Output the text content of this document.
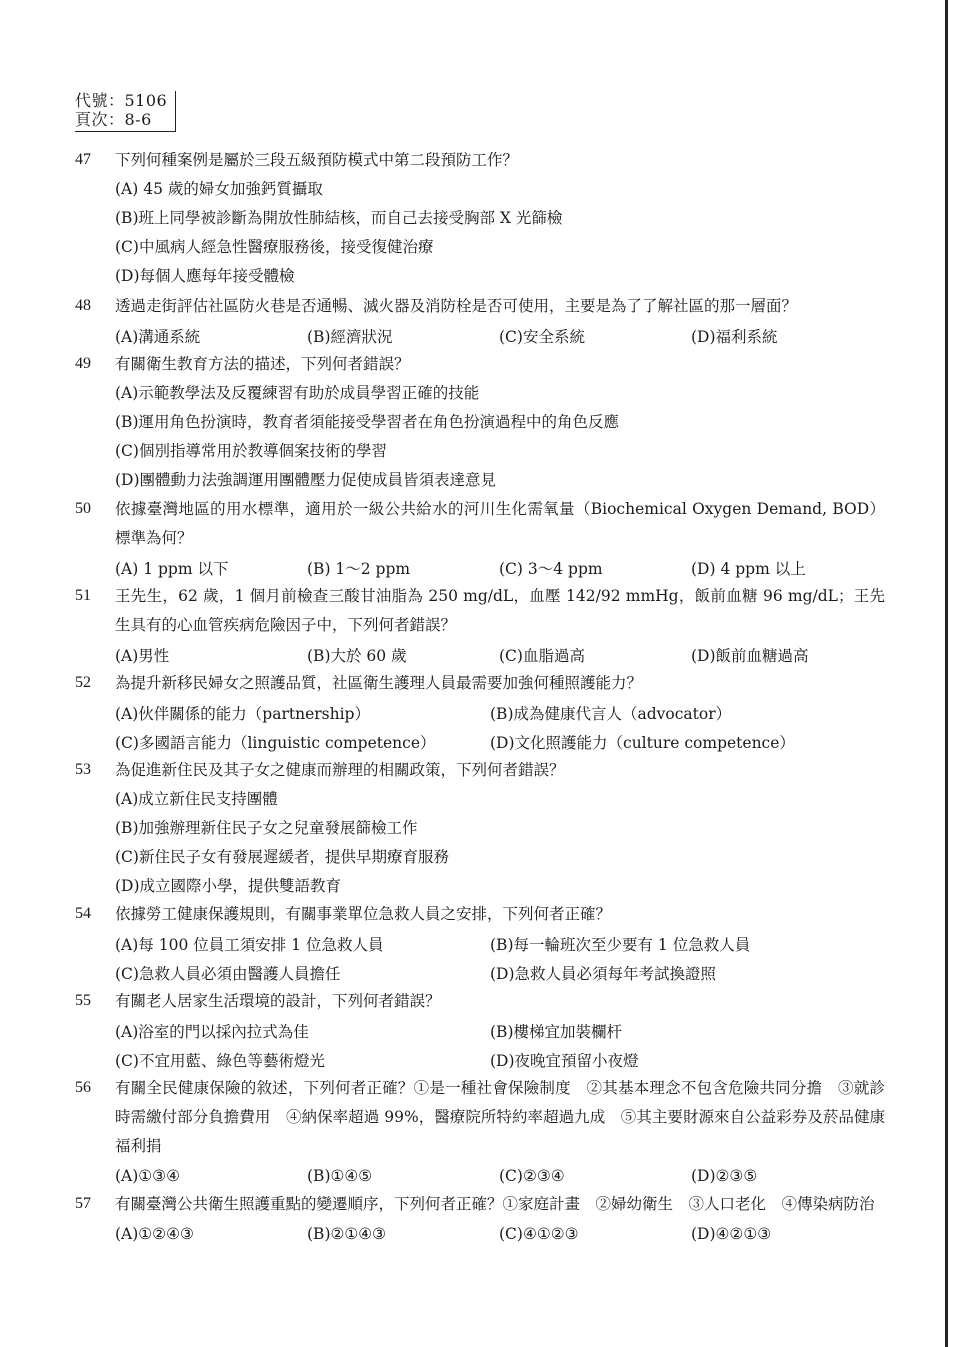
代號：5106
頁次：8-6
47	下列何種案例是屬於三段五級預防模式中第二段預防工作？
(A) 45 歲的婦女加強鈣質攝取
(B)班上同學被診斷為開放性肺結核，而自己去接受胸部 X 光篩檢
(C)中風病人經急性醫療服務後，接受復健治療
(D)每個人應每年接受體檢
48	透過走街評估社區防火巷是否通暢、滅火器及消防栓是否可使用，主要是為了了解社區的那一層面？
(A)溝通系統	(B)經濟狀況	(C)安全系統	(D)福利系統
49	有關衛生教育方法的描述，下列何者錯誤？
(A)示範教學法及反覆練習有助於成員學習正確的技能
(B)運用角色扮演時，教育者須能接受學習者在角色扮演過程中的角色反應
(C)個別指導常用於教導個案技術的學習
(D)團體動力法強調運用團體壓力促使成員皆須表達意見
50	依據臺灣地區的用水標準，適用於一級公共給水的河川生化需氧量（Biochemical Oxygen Demand, BOD）標準為何？
(A) 1 ppm 以下	(B) 1～2 ppm	(C) 3～4 ppm	(D) 4 ppm 以上
51	王先生，62 歲，1 個月前檢查三酸甘油脂為 250 mg/dL，血壓 142/92 mmHg，飯前血糖 96 mg/dL；王先生具有的心血管疾病危險因子中，下列何者錯誤？
(A)男性	(B)大於 60 歲	(C)血脂過高	(D)飯前血糖過高
52	為提升新移民婦女之照護品質，社區衛生護理人員最需要加強何種照護能力？
(A)伙伴關係的能力（partnership）	(B)成為健康代言人（advocator）
(C)多國語言能力（linguistic competence）	(D)文化照護能力（culture competence）
53	為促進新住民及其子女之健康而辦理的相關政策，下列何者錯誤？
(A)成立新住民支持團體
(B)加強辦理新住民子女之兒童發展篩檢工作
(C)新住民子女有發展遲緩者，提供早期療育服務
(D)成立國際小學，提供雙語教育
54	依據勞工健康保護規則，有關事業單位急救人員之安排，下列何者正確？
(A)每 100 位員工須安排 1 位急救人員	(B)每一輪班次至少要有 1 位急救人員
(C)急救人員必須由醫護人員擔任	(D)急救人員必須每年考試換證照
55	有關老人居家生活環境的設計，下列何者錯誤？
(A)浴室的門以採內拉式為佳	(B)樓梯宜加裝欄杆
(C)不宜用藍、綠色等藝術燈光	(D)夜晚宜預留小夜燈
56	有關全民健康保險的敘述，下列何者正確？①是一種社會保險制度　②其基本理念不包含危險共同分擔　③就診時需繳付部分負擔費用　④納保率超過 99%，醫療院所特約率超過九成　⑤其主要財源來自公益彩券及菸品健康福利捐
(A)①③④	(B)①④⑤	(C)②③④	(D)②③⑤
57	有關臺灣公共衛生照護重點的變遷順序，下列何者正確？①家庭計畫　②婦幼衛生　③人口老化　④傳染病防治
(A)①②④③	(B)②①④③	(C)④①②③	(D)④②①③
